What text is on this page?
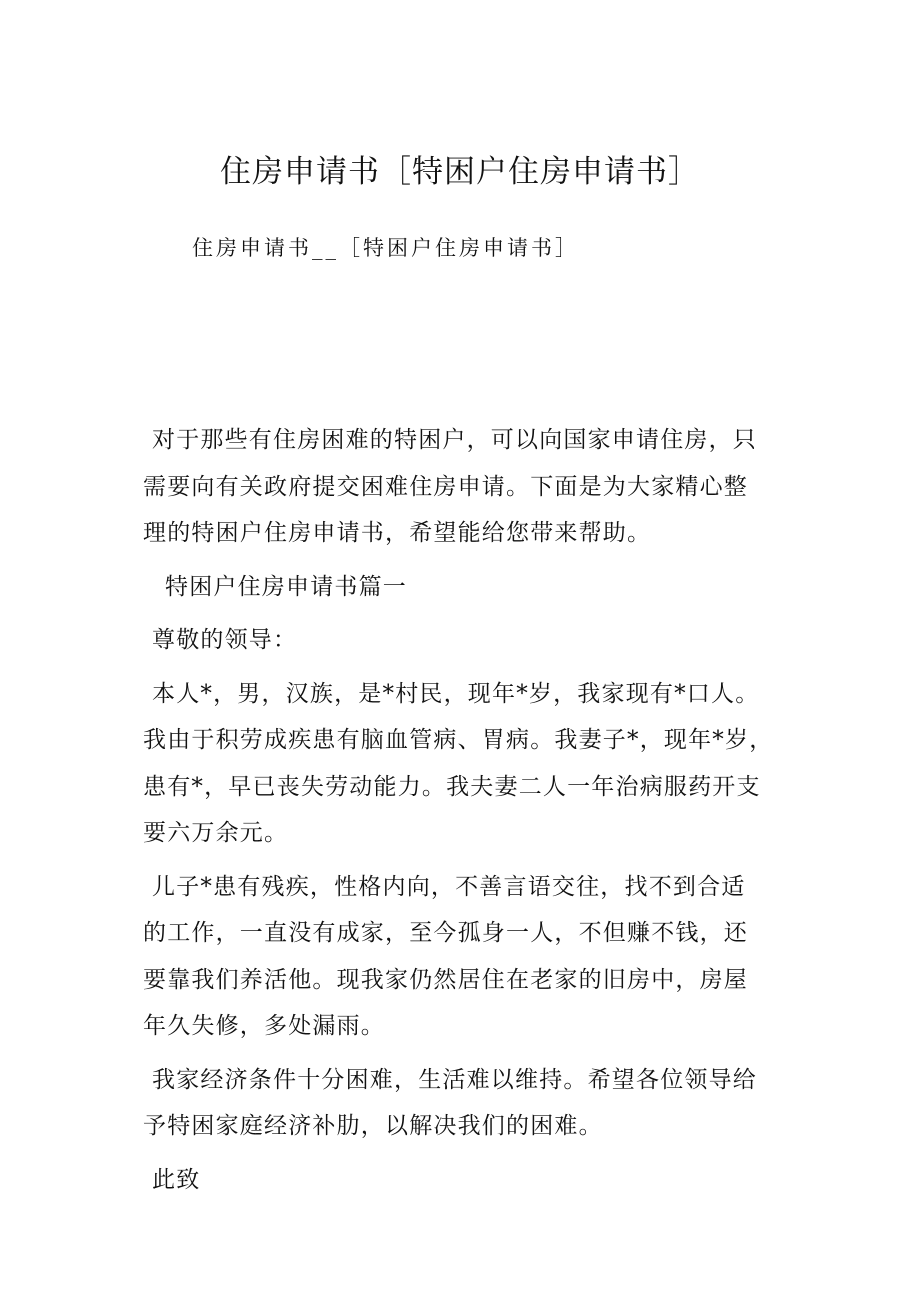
住房申请书［特困户住房申请书］
住房申请书__［特困户住房申请书］
对于那些有住房困难的特困户，可以向国家申请住房，只
需要向有关政府提交困难住房申请。下面是为大家精心整
理的特困户住房申请书，希望能给您带来帮助。
特困户住房申请书篇一
尊敬的领导：
本人*，男，汉族，是*村民，现年*岁，我家现有*口人。
我由于积劳成疾患有脑血管病、胃病。我妻子*，现年*岁，
患有*，早已丧失劳动能力。我夫妻二人一年治病服药开支
要六万余元。
儿子*患有残疾，性格内向，不善言语交往，找不到合适
的工作，一直没有成家，至今孤身一人，不但赚不钱，还
要靠我们养活他。现我家仍然居住在老家的旧房中，房屋
年久失修，多处漏雨。
我家经济条件十分困难，生活难以维持。希望各位领导给
予特困家庭经济补肋，以解决我们的困难。
此致
